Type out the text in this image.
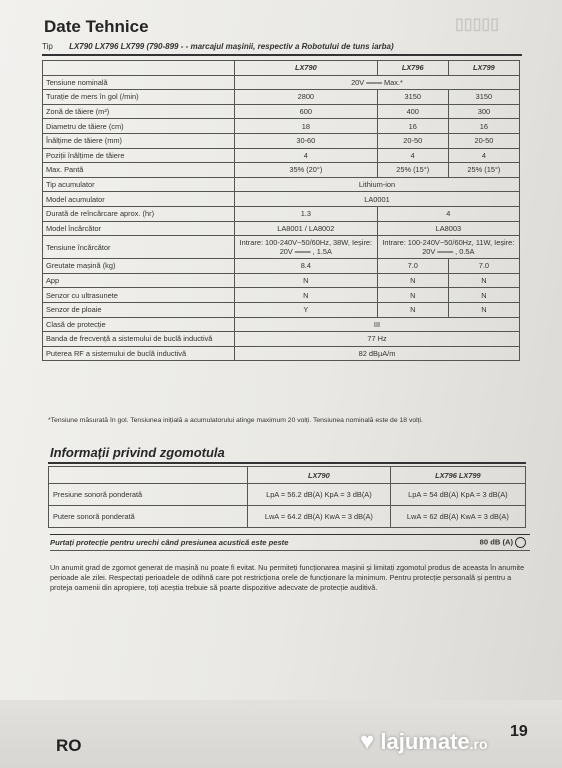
▯▯▯▯▯
Date Tehnice
Tip LX790 LX796 LX799 (790-899 - - marcajul mașinii, respectiv a Robotului de tuns iarba)
	LX790	LX796	LX799
Tensiune nominală	20V ═══ Max.*		
Turație de mers în gol (/min)	2800	3150	3150
Zonă de tăiere (m²)	600	400	300
Diametru de tăiere (cm)	18	16	16
Înălțime de tăiere (mm)	30-60	20-50	20-50
Poziții înălțime de tăiere	4	4	4
Max. Pantă	35% (20°)	25% (15°)	25% (15°)
Tip acumulator	Lithium-ion		
Model acumulator	LA0001		
Durată de reîncărcare aprox. (hr)	1.3	4	
Model încărcător	LA8001 / LA8002	LA8003	
Tensiune încărcător	Intrare: 100-240V~50/60Hz, 38W, Ieșire: 20V ═══ , 1.5A	Intrare: 100-240V~50/60Hz, 11W, Ieșire: 20V ═══ , 0.5A	
Greutate mașină (kg)	8.4	7.0	7.0
App	N	N	N
Senzor cu ultrasunete	N	N	N
Senzor de ploaie	Y	N	N
Clasă de protecție	III		
Banda de frecvență a sistemului de buclă inductivă	77 Hz		
Puterea RF a sistemului de buclă inductivă	82 dBµA/m		
*Tensiune măsurată în gol. Tensiunea inițială a acumulatorului atinge maximum 20 volți. Tensiunea nominală este de 18 volți.
Informații privind zgomotula
	LX790	LX796 LX799
Presiune sonoră ponderată	LpA = 56.2 dB(A) KpA = 3 dB(A)	LpA = 54 dB(A) KpA = 3 dB(A)
Putere sonoră ponderată	LwA = 64.2 dB(A) KwA = 3 dB(A)	LwA = 62 dB(A) KwA = 3 dB(A)
Purtați protecție pentru urechi când presiunea acustică este peste	80 dB (A)
Un anumit grad de zgomot generat de mașină nu poate fi evitat. Nu permiteți funcționarea mașinii și limitați zgomotul produs de aceasta în anumite perioade ale zilei. Respectați perioadele de odihnă care pot restricționa orele de funcționare la minimum. Pentru protecție personală și pentru a proteja oamenii din apropiere, toți aceștia trebuie să poarte dispozitive adecvate de protecție auditivă.
RO
19
♥ lajumate.ro
